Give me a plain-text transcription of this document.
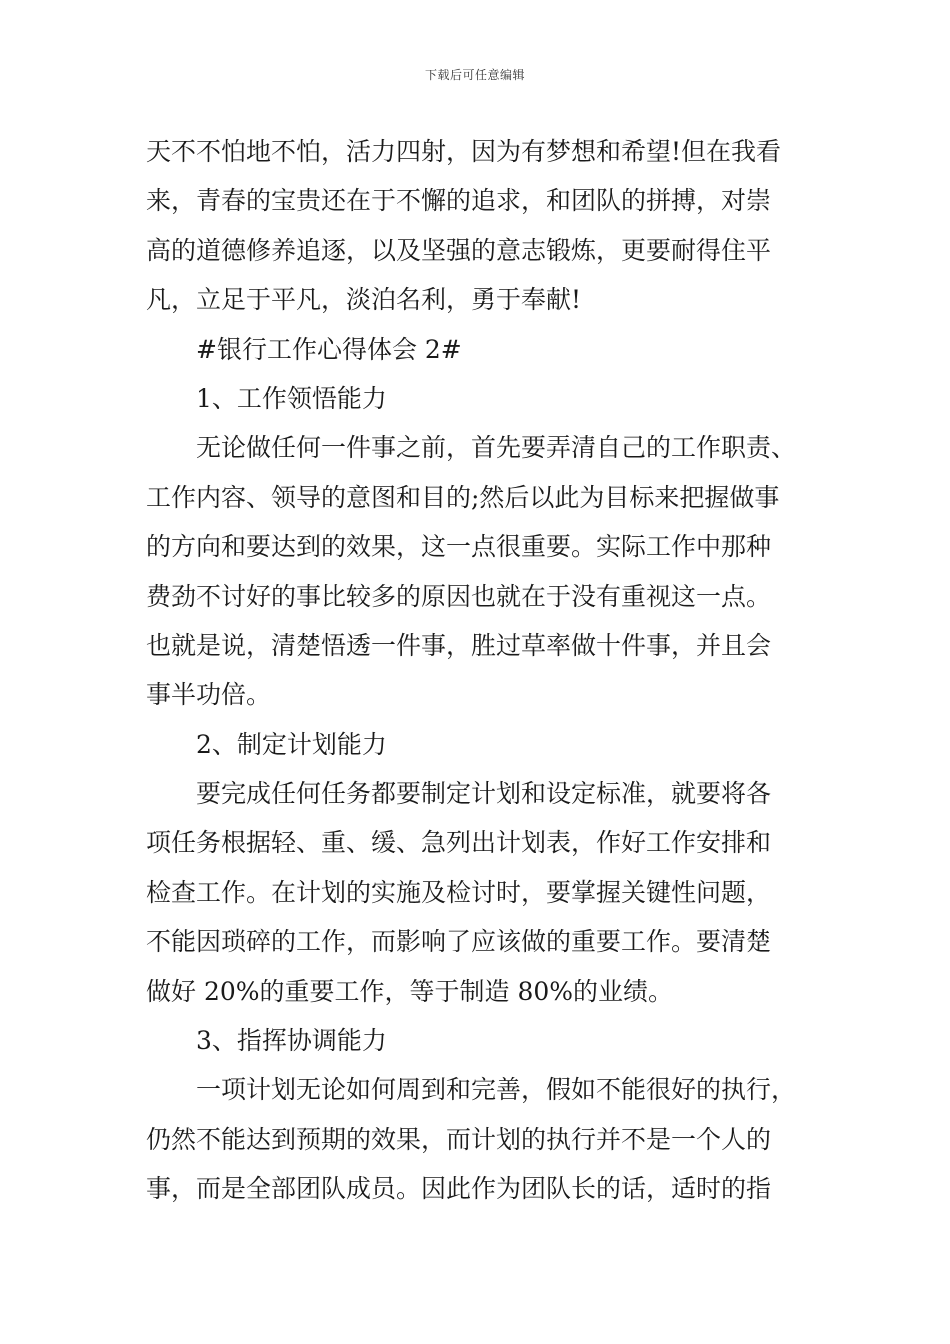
下载后可任意编辑
天不不怕地不怕，活力四射，因为有梦想和希望!但在我看
来，青春的宝贵还在于不懈的追求，和团队的拼搏，对崇
高的道德修养追逐，以及坚强的意志锻炼，更要耐得住平
凡，立足于平凡，淡泊名利，勇于奉献!
#银行工作心得体会 2#
1、工作领悟能力
无论做任何一件事之前，首先要弄清自己的工作职责、
工作内容、领导的意图和目的;然后以此为目标来把握做事
的方向和要达到的效果，这一点很重要。实际工作中那种
费劲不讨好的事比较多的原因也就在于没有重视这一点。
也就是说，清楚悟透一件事，胜过草率做十件事，并且会
事半功倍。
2、制定计划能力
要完成任何任务都要制定计划和设定标准，就要将各
项任务根据轻、重、缓、急列出计划表，作好工作安排和
检查工作。在计划的实施及检讨时，要掌握关键性问题，
不能因琐碎的工作，而影响了应该做的重要工作。要清楚
做好 20%的重要工作，等于制造 80%的业绩。
3、指挥协调能力
一项计划无论如何周到和完善，假如不能很好的执行，
仍然不能达到预期的效果，而计划的执行并不是一个人的
事，而是全部团队成员。因此作为团队长的话，适时的指
